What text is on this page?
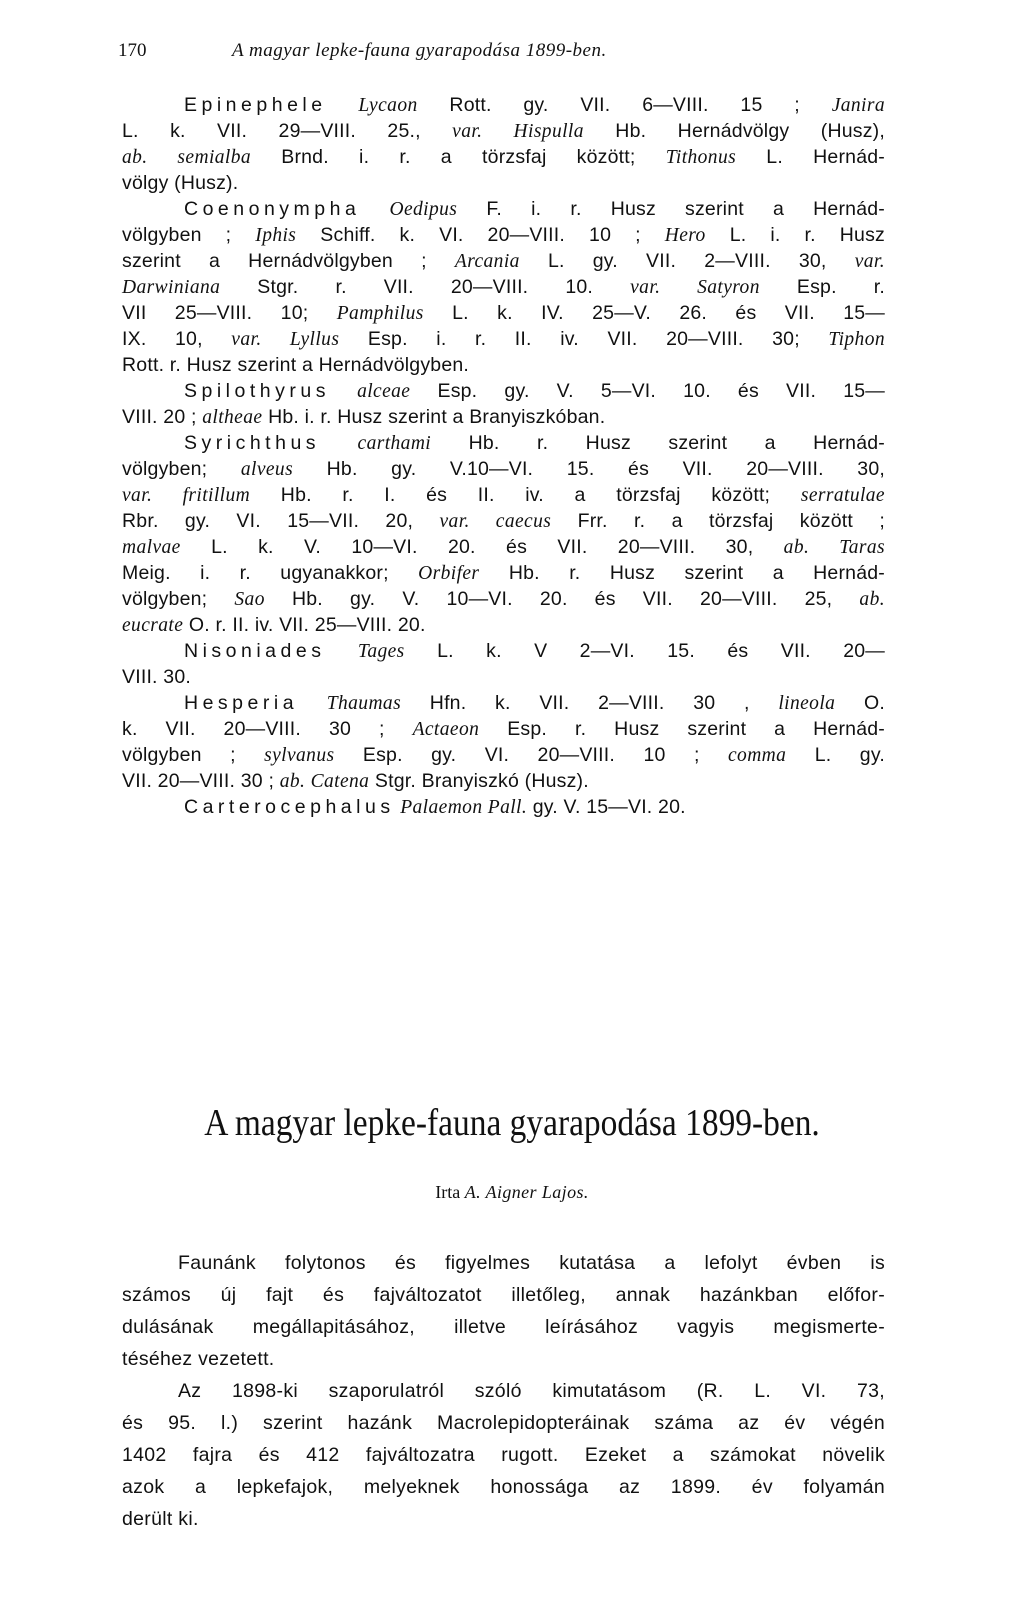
170	A magyar lepke-fauna gyarapodása 1899-ben.
Epinephele Lycaon Rott. gy. VII. 6—VIII. 15 ; Janira
L. k. VII. 29—VIII. 25., var. Hispulla Hb. Hernádvölgy (Husz),
ab. semialba Brnd. i. r. a törzsfaj között; Tithonus L. Hernád-
völgy (Husz).
Coenonympha Oedipus F. i. r. Husz szerint a Hernád-
völgyben ; Iphis Schiff. k. VI. 20—VIII. 10 ; Hero L. i. r. Husz
szerint a Hernádvölgyben ; Arcania L. gy. VII. 2—VIII. 30, var.
Darwiniana Stgr. r. VII. 20—VIII. 10. var. Satyron Esp. r.
VII 25—VIII. 10; Pamphilus L. k. IV. 25—V. 26. és VII. 15—
IX. 10, var. Lyllus Esp. i. r. II. iv. VII. 20—VIII. 30; Tiphon
Rott. r. Husz szerint a Hernádvölgyben.
Spilothyrus alceae Esp. gy. V. 5—VI. 10. és VII. 15—
VIII. 20 ; altheae Hb. i. r. Husz szerint a Branyiszkóban.
Syrichthus carthami Hb. r. Husz szerint a Hernád-
völgyben; alveus Hb. gy. V.10—VI. 15. és VII. 20—VIII. 30,
var. fritillum Hb. r. I. és II. iv. a törzsfaj között; serratulae
Rbr. gy. VI. 15—VII. 20, var. caecus Frr. r. a törzsfaj között ;
malvae L. k. V. 10—VI. 20. és VII. 20—VIII. 30, ab. Taras
Meig. i. r. ugyanakkor; Orbifer Hb. r. Husz szerint a Hernád-
völgyben; Sao Hb. gy. V. 10—VI. 20. és VII. 20—VIII. 25, ab.
eucrate O. r. II. iv. VII. 25—VIII. 20.
Nisoniades Tages L. k. V 2—VI. 15. és VII. 20—
VIII. 30.
Hesperia Thaumas Hfn. k. VII. 2—VIII. 30 , lineola O.
k. VII. 20—VIII. 30 ; Actaeon Esp. r. Husz szerint a Hernád-
völgyben ; sylvanus Esp. gy. VI. 20—VIII. 10 ; comma L. gy.
VII. 20—VIII. 30 ; ab. Catena Stgr. Branyiszkó (Husz).
Carterocephalus Palaemon Pall. gy. V. 15—VI. 20.
A magyar lepke-fauna gyarapodása 1899-ben.
Irta A. Aigner Lajos.
Faunánk folytonos és figyelmes kutatása a lefolyt évben is
számos új fajt és fajváltozatot illetőleg, annak hazánkban előfor-
dulásának megállapitásához, illetve leírásához vagyis megismerte-
téséhez vezetett.
Az 1898-ki szaporulatról szóló kimutatásom (R. L. VI. 73,
és 95. l.) szerint hazánk Macrolepidopteráinak száma az év végén
1402 fajra és 412 fajváltozatra rugott. Ezeket a számokat növelik
azok a lepkefajok, melyeknek honossága az 1899. év folyamán
derült ki.
